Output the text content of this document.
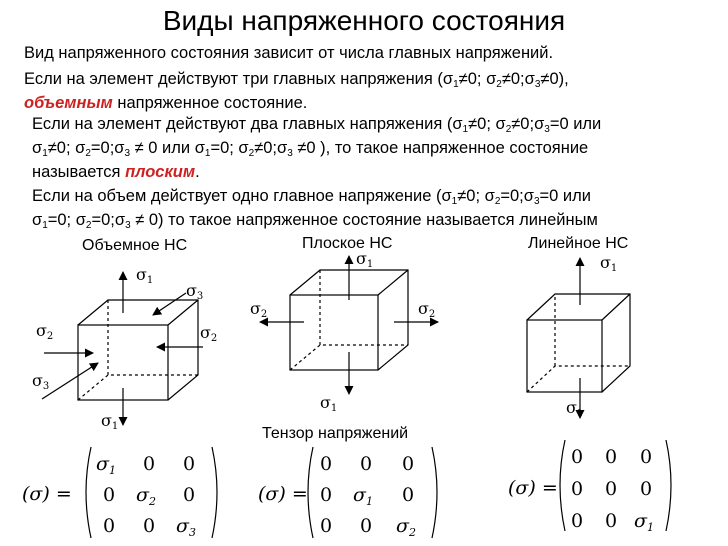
Виды напряженного состояния
Вид напряженного состояния зависит от числа главных напряжений.
Если на элемент действуют три главных напряжения ($\sigma_1\ne 0$; $\sigma_2\ne 0;\sigma_3\ne 0$),
объемным напряженное состояние.
Если на элемент действуют два главных напряжения ($\sigma_1\ne 0$; $\sigma_2\ne 0;\sigma_3=0$ или
$\sigma_1\ne 0$; $\sigma_2=0;\sigma_3 \ne 0$ или $\sigma_1=0$; $\sigma_2\ne 0;\sigma_3 \ne 0$ ), то такое напряженное состояние
называется плоским.
Если на объем действует одно главное напряжение ($\sigma_1\ne 0$; $\sigma_2=0;\sigma_3=0$ или
$\sigma_1=0$; $\sigma_2=0;\sigma_3 \ne 0$) то такое напряженное состояние называется линейным
Объемное НС	Плоское НС	Линейное НС
Тензор напряжений
σ1
σ3
σ2	σ2
σ3
σ1
σ1
σ2	σ2
σ1
σ1
σ1
(σ) =
$\sigma_1$ 0 0
0 $\sigma_2$ 0
0 0 $\sigma_3$
(σ) =
0 0 0
0 $\sigma_1$ 0
0 0 $\sigma_2$
(σ) =
0 0 0
0 0 0
0 0 $\sigma_1$
